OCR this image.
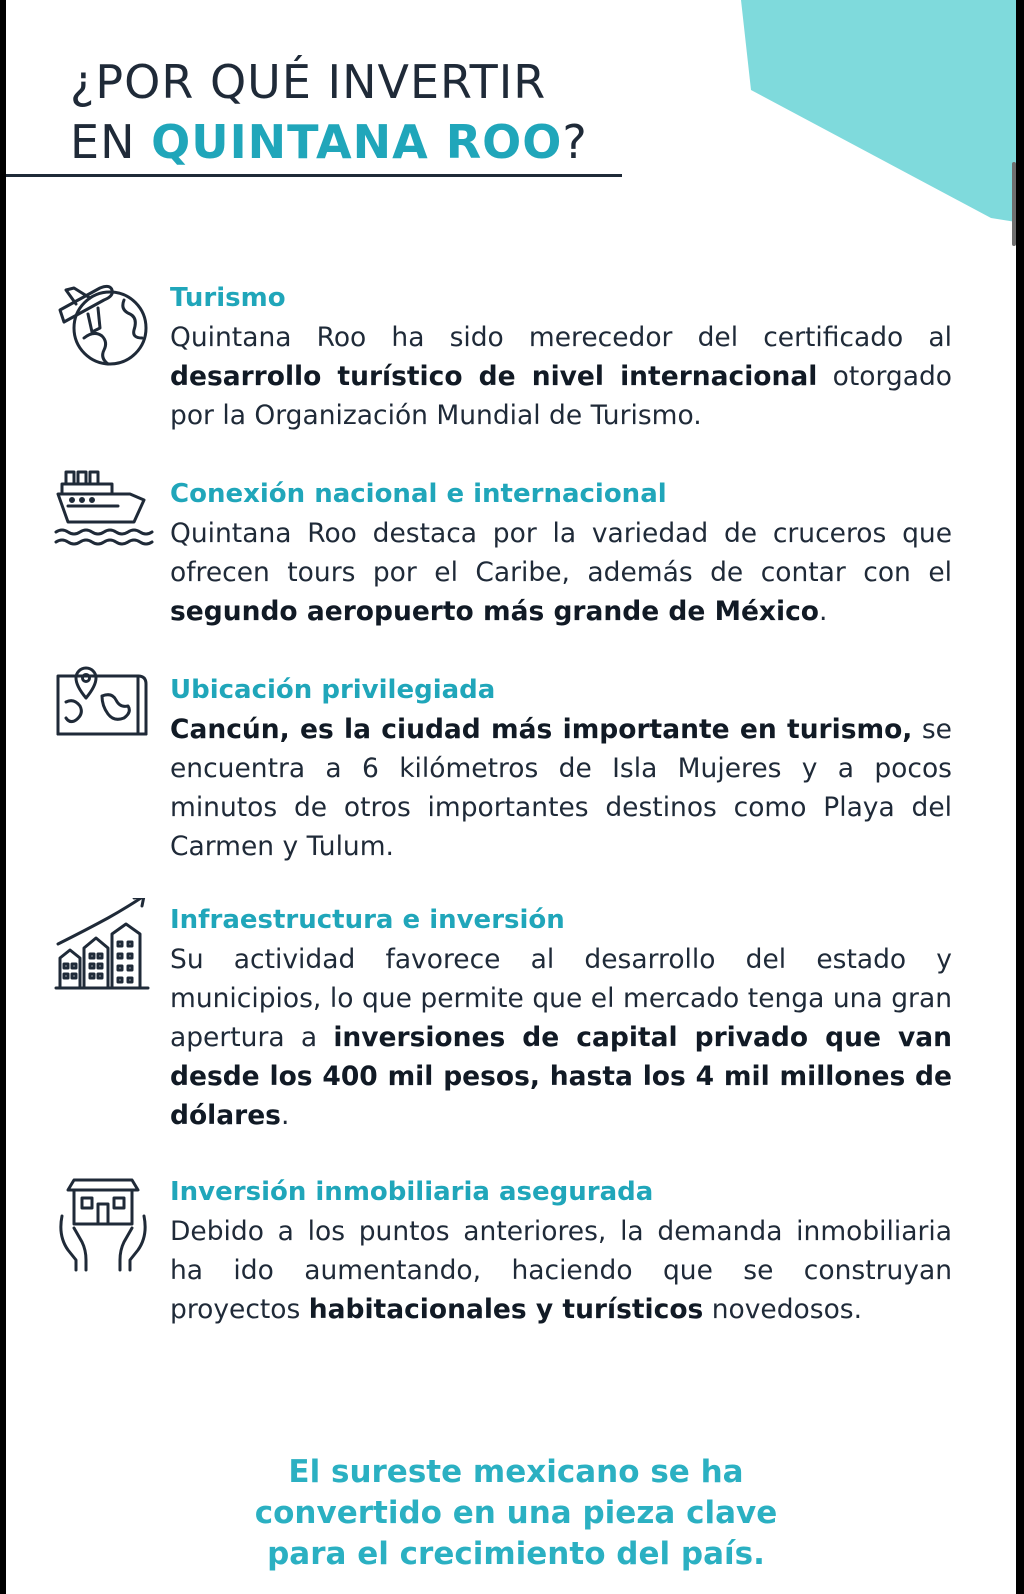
¿POR QUÉ INVERTIR
EN QUINTANA ROO?
Turismo

Quintana Roo ha sido merecedor del certificado al desarrollo turístico de nivel internacional otorgado por la Organización Mundial de Turismo.

Conexión nacional e internacional

Quintana Roo destaca por la variedad de cruceros que ofrecen tours por el Caribe, además de contar con el segundo aeropuerto más grande de México.

Ubicación privilegiada

Cancún, es la ciudad más importante en turismo, se encuentra a 6 kilómetros de Isla Mujeres y a pocos minutos de otros importantes destinos como Playa del Carmen y Tulum.

Infraestructura e inversión

Su actividad favorece al desarrollo del estado y municipios, lo que permite que el mercado tenga una gran apertura a inversiones de capital privado que van desde los 400 mil pesos, hasta los 4 mil millones de dólares.

Inversión inmobiliaria asegurada

Debido a los puntos anteriores, la demanda inmobiliaria ha ido aumentando, haciendo que se construyan proyectos habitacionales y turísticos novedosos.

El sureste mexicano se ha
convertido en una pieza clave
para el crecimiento del país.
